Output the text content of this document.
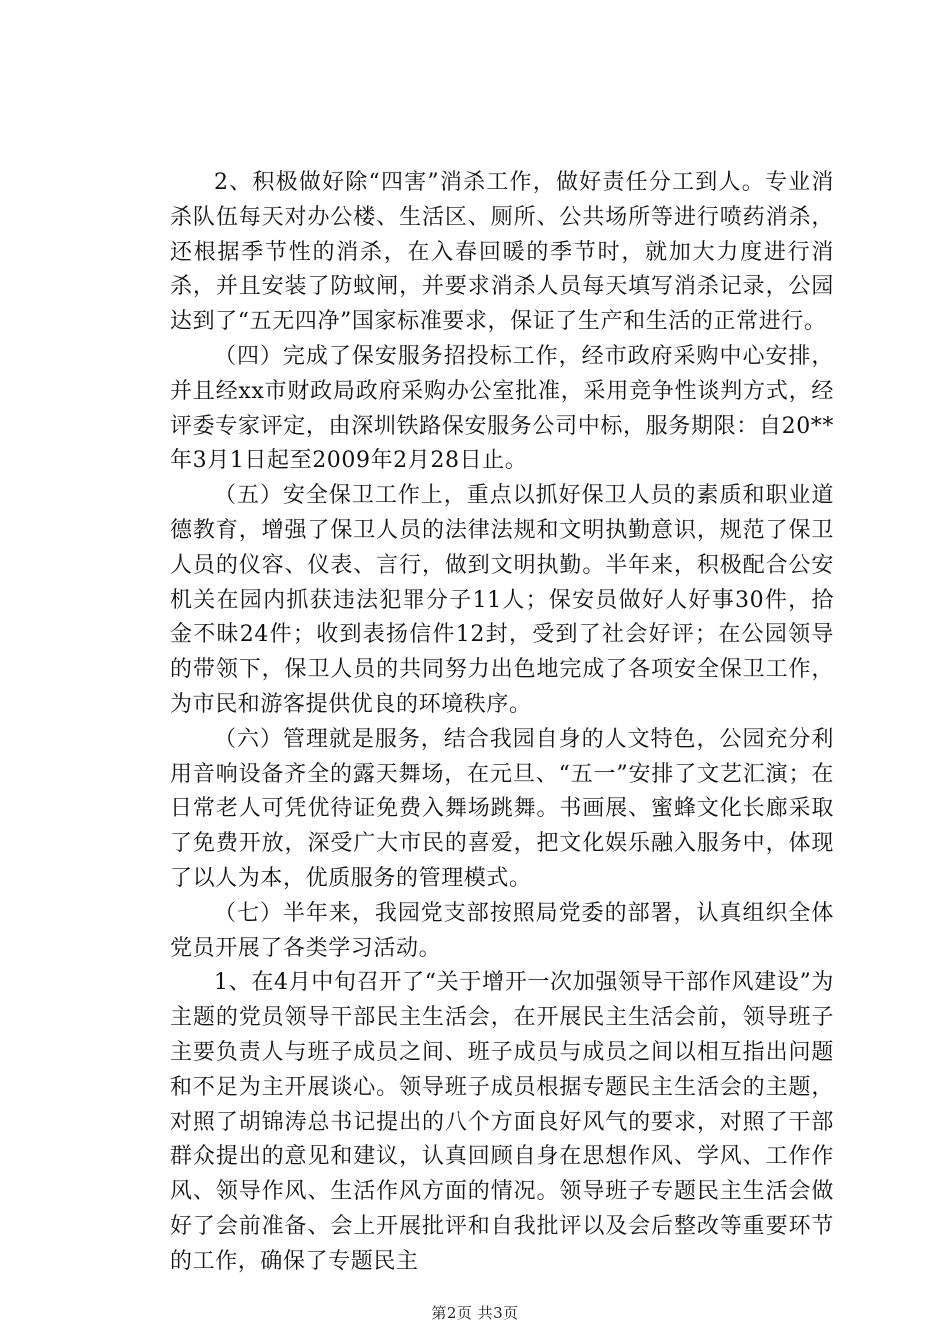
2、积极做好除“四害”消杀工作，做好责任分工到人。专业消杀队伍每天对办公楼、生活区、厕所、公共场所等进行喷药消杀，还根据季节性的消杀，在入春回暖的季节时，就加大力度进行消杀，并且安装了防蚊闸，并要求消杀人员每天填写消杀记录，公园达到了“五无四净”国家标准要求，保证了生产和生活的正常进行。

（四）完成了保安服务招投标工作，经市政府采购中心安排，并且经xx市财政局政府采购办公室批准，采用竞争性谈判方式，经评委专家评定，由深圳铁路保安服务公司中标，服务期限：自20**年3月1日起至2009年2月28日止。

（五）安全保卫工作上，重点以抓好保卫人员的素质和职业道德教育，增强了保卫人员的法律法规和文明执勤意识，规范了保卫人员的仪容、仪表、言行，做到文明执勤。半年来，积极配合公安机关在园内抓获违法犯罪分子11人；保安员做好人好事30件，拾金不昧24件；收到表扬信件12封，受到了社会好评；在公园领导的带领下，保卫人员的共同努力出色地完成了各项安全保卫工作，为市民和游客提供优良的环境秩序。

（六）管理就是服务，结合我园自身的人文特色，公园充分利用音响设备齐全的露天舞场，在元旦、“五一”安排了文艺汇演；在日常老人可凭优待证免费入舞场跳舞。书画展、蜜蜂文化长廊采取了免费开放，深受广大市民的喜爱，把文化娱乐融入服务中，体现了以人为本，优质服务的管理模式。

（七）半年来，我园党支部按照局党委的部署，认真组织全体党员开展了各类学习活动。

1、在4月中旬召开了“关于增开一次加强领导干部作风建设”为主题的党员领导干部民主生活会，在开展民主生活会前，领导班子主要负责人与班子成员之间、班子成员与成员之间以相互指出问题和不足为主开展谈心。领导班子成员根据专题民主生活会的主题，对照了胡锦涛总书记提出的八个方面良好风气的要求，对照了干部群众提出的意见和建议，认真回顾自身在思想作风、学风、工作作风、领导作风、生活作风方面的情况。领导班子专题民主生活会做好了会前准备、会上开展批评和自我批评以及会后整改等重要环节的工作，确保了专题民主

第2页 共3页
